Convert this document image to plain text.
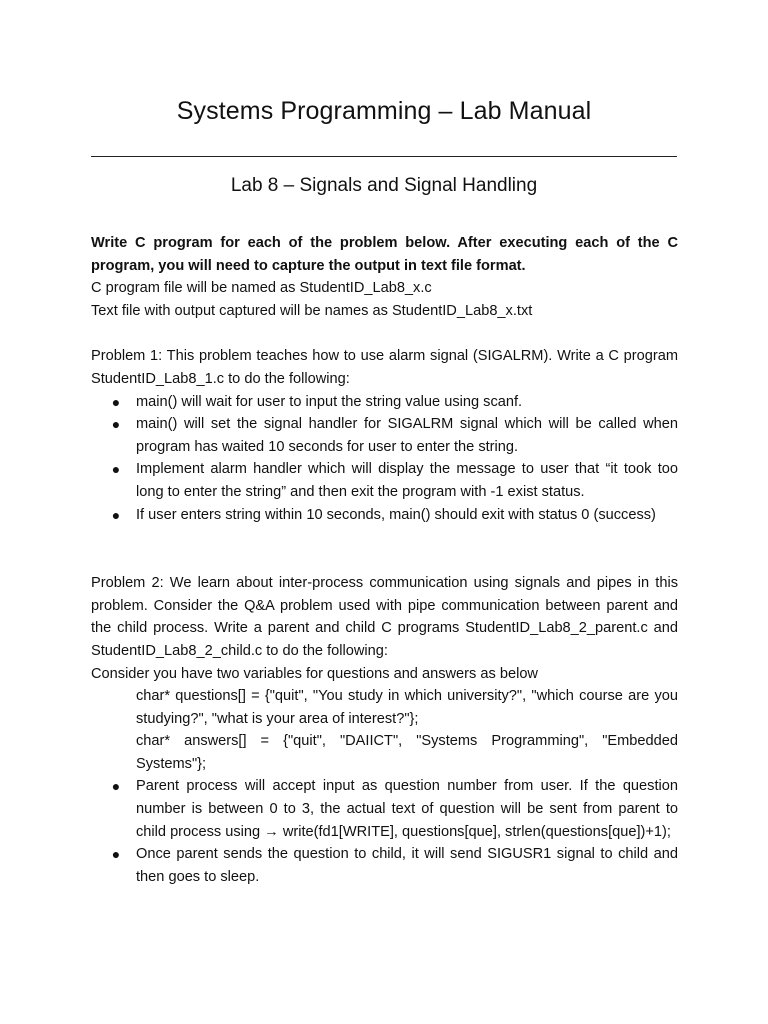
Systems Programming – Lab Manual
Lab 8 – Signals and Signal Handling

Write C program for each of the problem below. After executing each of the C program, you will need to capture the output in text file format.

C program file will be named as StudentID_Lab8_x.c

Text file with output captured will be names as StudentID_Lab8_x.txt

Problem 1: This problem teaches how to use alarm signal (SIGALRM). Write a C program StudentID_Lab8_1.c to do the following:

● main() will wait for user to input the string value using scanf.
● main() will set the signal handler for SIGALRM signal which will be called when program has waited 10 seconds for user to enter the string.
● Implement alarm handler which will display the message to user that “it took too long to enter the string” and then exit the program with -1 exist status.
● If user enters string within 10 seconds, main() should exit with status 0 (success)

Problem 2: We learn about inter-process communication using signals and pipes in this problem. Consider the Q&A problem used with pipe communication between parent and the child process. Write a parent and child C programs StudentID_Lab8_2_parent.c and StudentID_Lab8_2_child.c to do the following:

Consider you have two variables for questions and answers as below

char* questions[] = {"quit", "You study in which university?", "which course are you studying?", "what is your area of interest?"};

char* answers[] = {"quit", "DAIICT", "Systems Programming", "Embedded Systems"};

● Parent process will accept input as question number from user. If the question number is between 0 to 3, the actual text of question will be sent from parent to child process using → write(fd1[WRITE], questions[que], strlen(questions[que])+1);
● Once parent sends the question to child, it will send SIGUSR1 signal to child and then goes to sleep.
